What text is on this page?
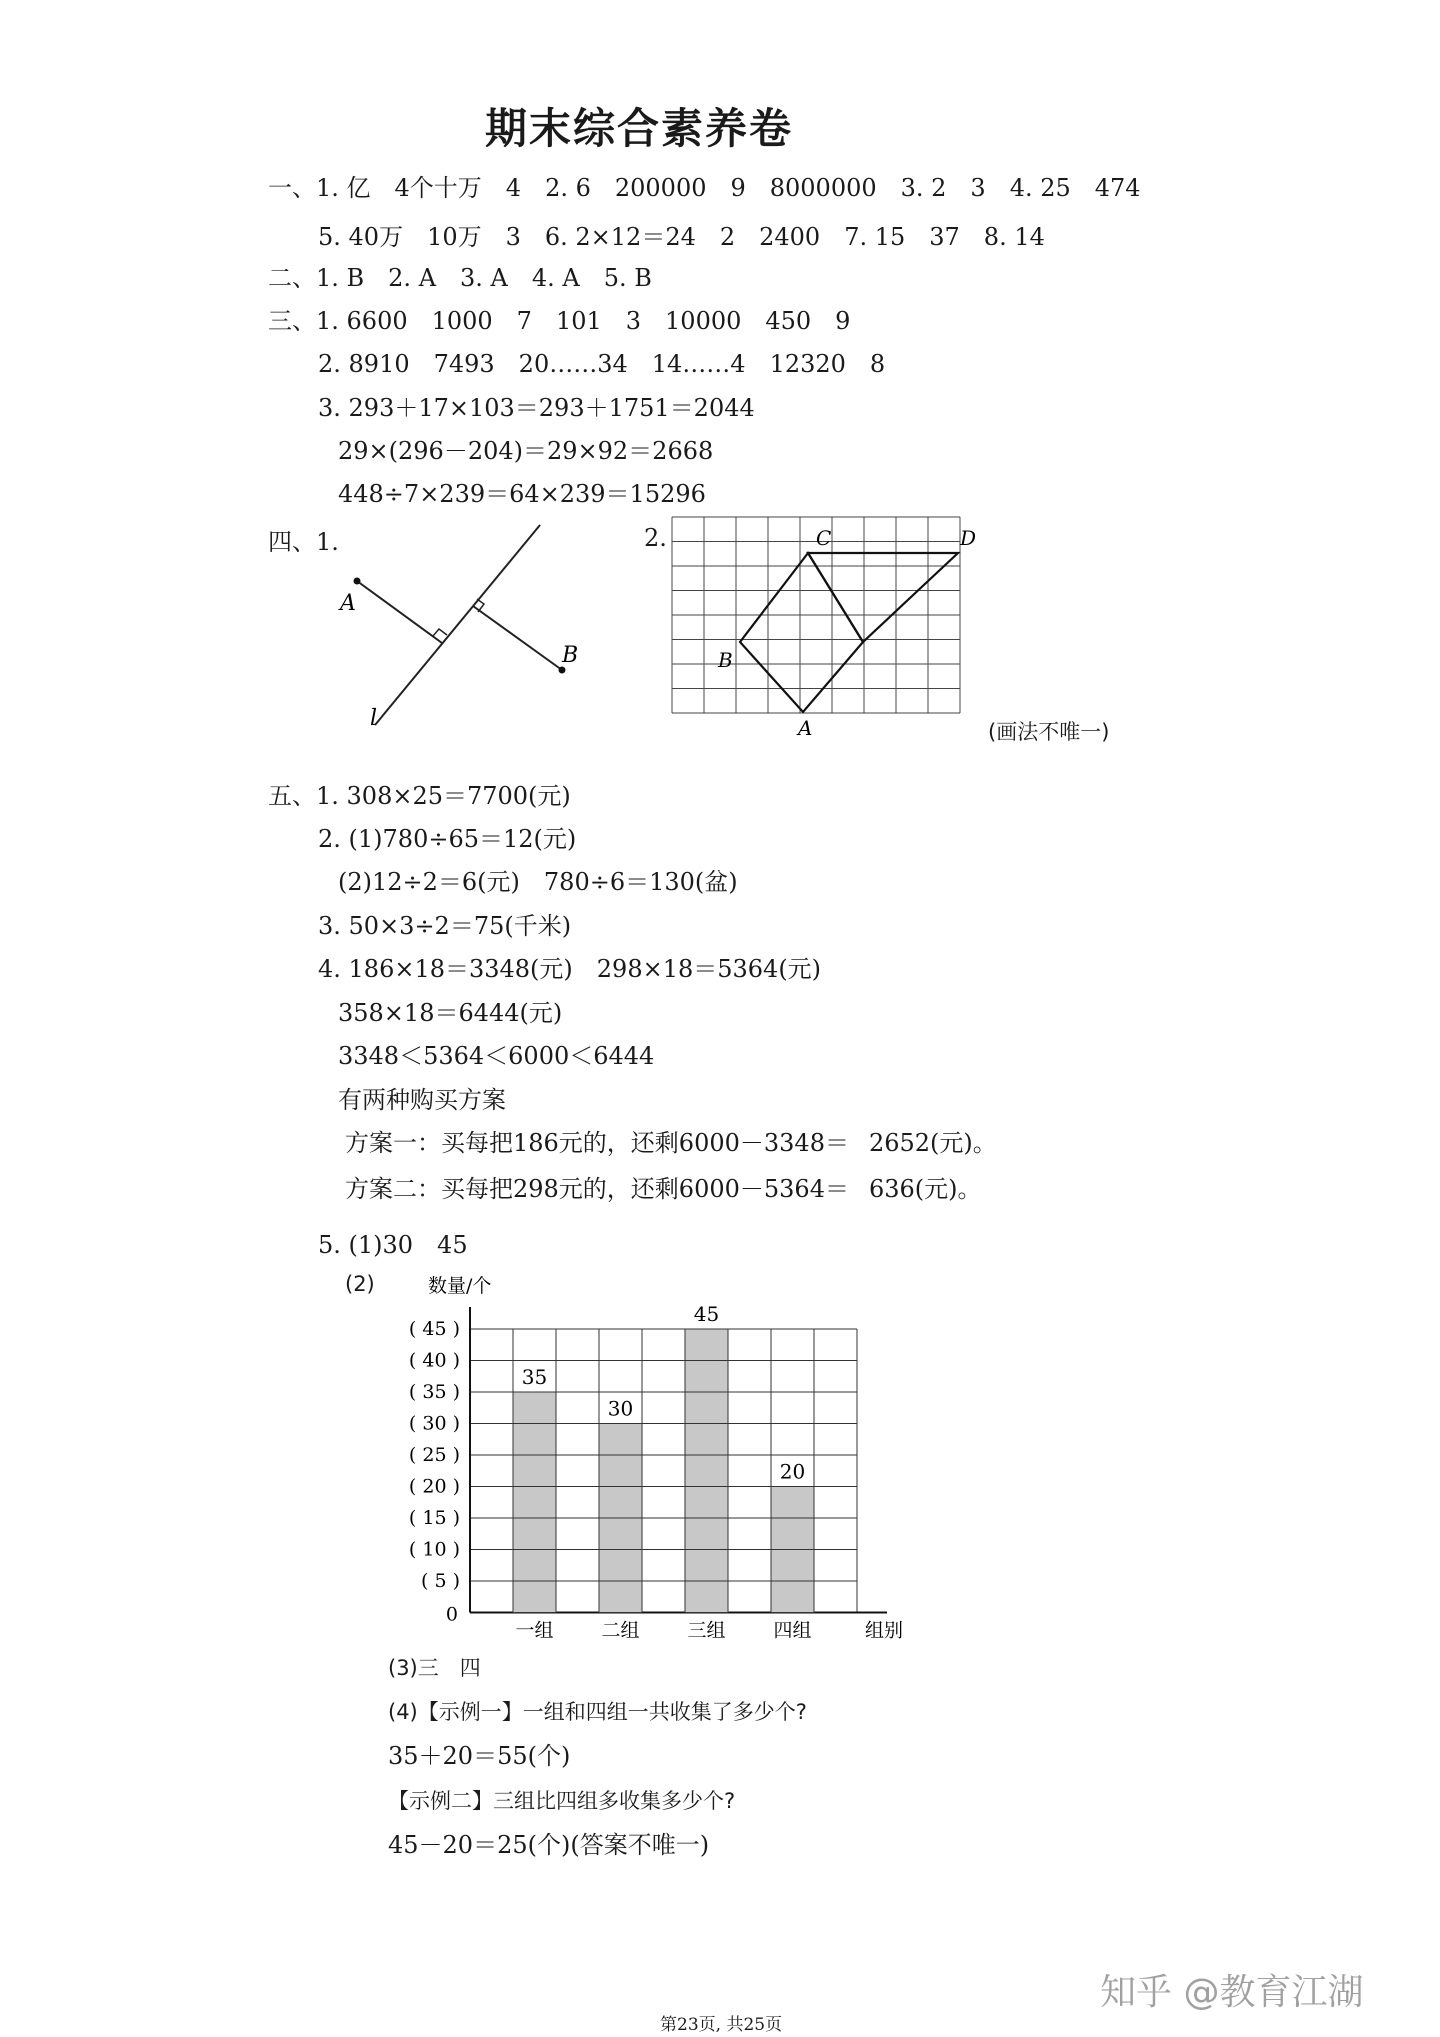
期末综合素养卷
一、1. 亿　4个十万　4　2. 6　200000　9　8000000　3. 2　3　4. 25　474
5. 40万　10万　3　6. 2×12＝24　2　2400　7. 15　37　8. 14
二、1. B　2. A　3. A　4. A　5. B
三、1. 6600　1000　7　101　3　10000　450　9
2. 8910　7493　20……34　14……4　12320　8
3. 293＋17×103＝293＋1751＝2044
29×(296－204)＝29×92＝2668
448÷7×239＝64×239＝15296
四、1.	2.
A
B
l
C	D
B
A	(画法不唯一)
五、1. 308×25＝7700(元)
2. (1)780÷65＝12(元)
(2)12÷2＝6(元)　780÷6＝130(盆)
3. 50×3÷2＝75(千米)
4. 186×18＝3348(元)　298×18＝5364(元)
358×18＝6444(元)
3348＜5364＜6000＜6444
有两种购买方案
方案一：买每把186元的，还剩6000－3348＝ 2652(元)。
方案二：买每把298元的，还剩6000－5364＝ 636(元)。
5. (1)30　45
(2)
35
一组
30
二组
45
三组
20
四组
( 5 )
( 10 )
( 15 )
( 20 )
( 25 )
( 30 )
( 35 )
( 40 )
( 45 )
0
数量/个
组别
(3)三　四
(4)【示例一】一组和四组一共收集了多少个?
35＋20＝55(个)
【示例二】三组比四组多收集多少个?
45－20＝25(个)(答案不唯一)
第23页, 共25页
知乎 @教育江湖
